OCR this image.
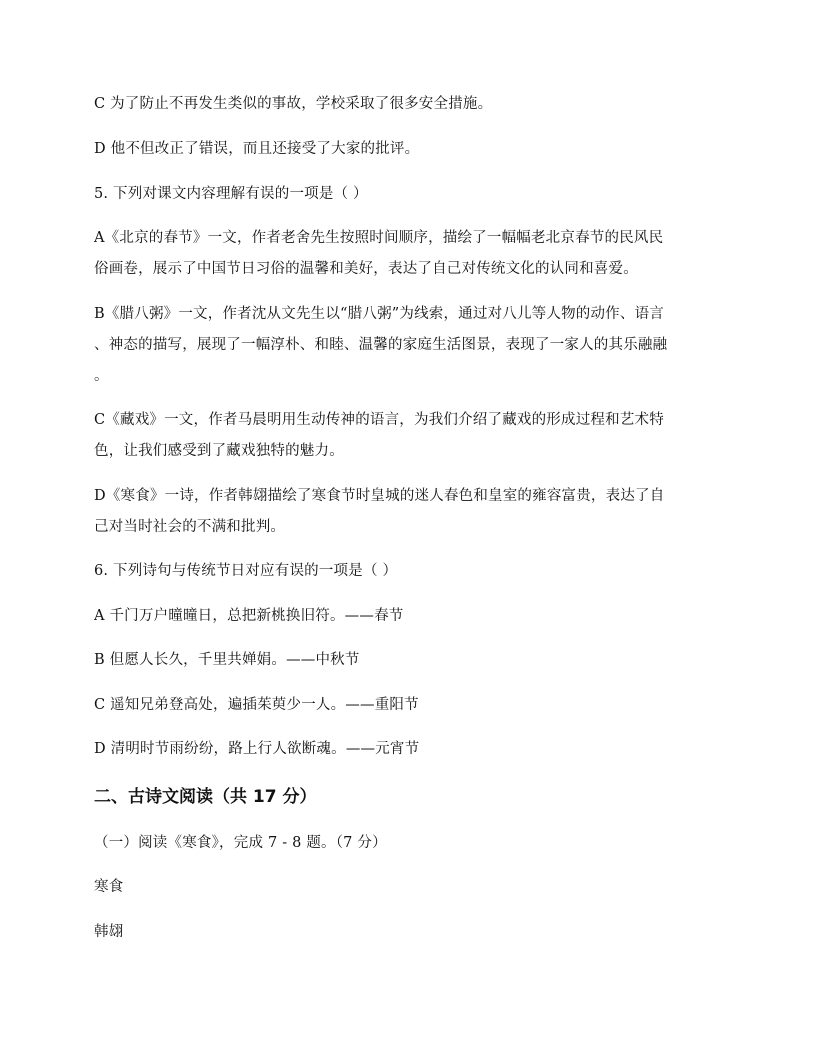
C 为了防止不再发生类似的事故，学校采取了很多安全措施。
D 他不但改正了错误，而且还接受了大家的批评。
5. 下列对课文内容理解有误的一项是（ ）
A《北京的春节》一文，作者老舍先生按照时间顺序，描绘了一幅幅老北京春节的民风民
俗画卷，展示了中国节日习俗的温馨和美好，表达了自己对传统文化的认同和喜爱。
B《腊八粥》一文，作者沈从文先生以“腊八粥”为线索，通过对八儿等人物的动作、语言
、神态的描写，展现了一幅淳朴、和睦、温馨的家庭生活图景，表现了一家人的其乐融融
。
C《藏戏》一文，作者马晨明用生动传神的语言，为我们介绍了藏戏的形成过程和艺术特
色，让我们感受到了藏戏独特的魅力。
D《寒食》一诗，作者韩翃描绘了寒食节时皇城的迷人春色和皇室的雍容富贵，表达了自
己对当时社会的不满和批判。
6. 下列诗句与传统节日对应有误的一项是（ ）
A 千门万户曈曈日，总把新桃换旧符。——春节
B 但愿人长久，千里共婵娟。——中秋节
C 遥知兄弟登高处，遍插茱萸少一人。——重阳节
D 清明时节雨纷纷，路上行人欲断魂。——元宵节
二、古诗文阅读（共 17 分）
（一）阅读《寒食》，完成 7 - 8 题。（7 分）
寒食
韩翃
